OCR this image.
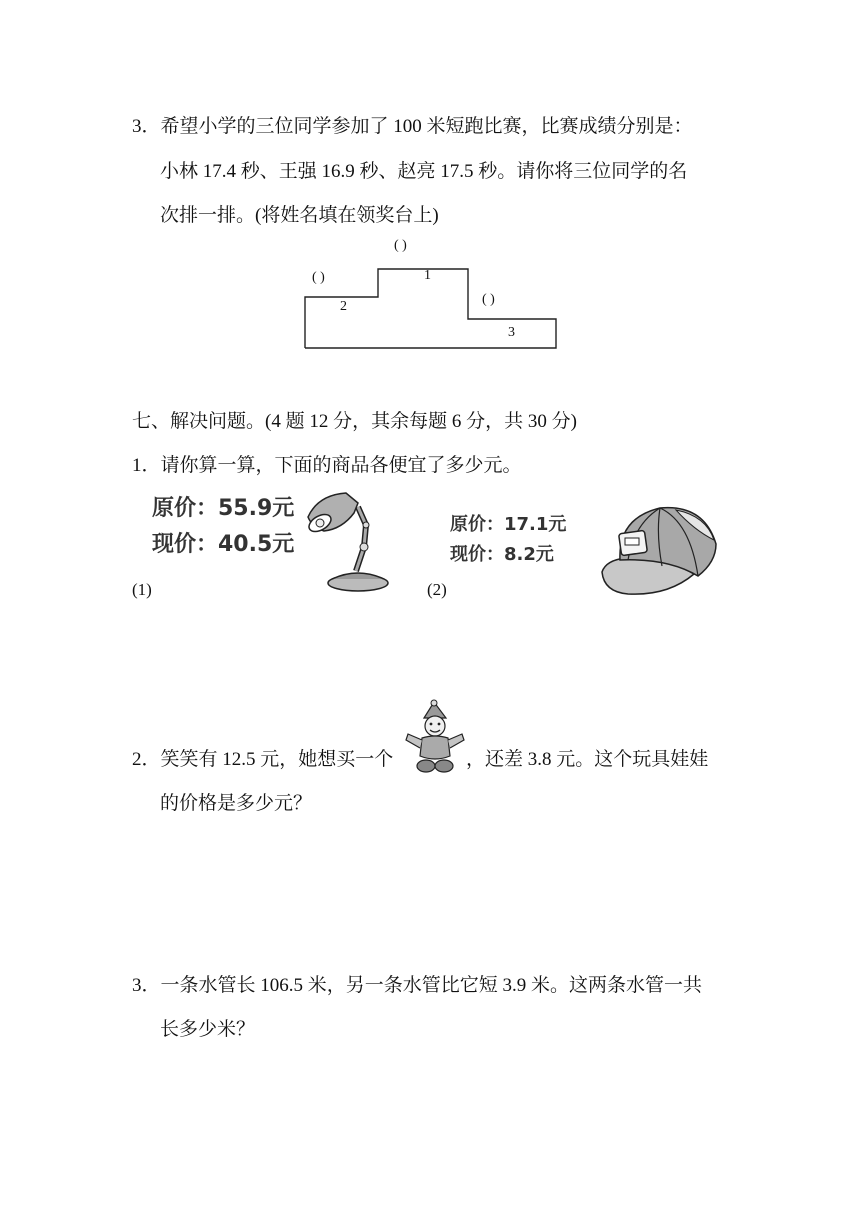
3．希望小学的三位同学参加了 100 米短跑比赛，比赛成绩分别是：
小林 17.4 秒、王强 16.9 秒、赵亮 17.5 秒。请你将三位同学的名
次排一排。(将姓名填在领奖台上)
( )
( )
( )
1
2
3
七、解决问题。(4 题 12 分，其余每题 6 分，共 30 分)
1．请你算一算，下面的商品各便宜了多少元。
原价：55.9元
现价：40.5元
(1)
原价：17.1元
现价：8.2元
(2)
2．笑笑有 12.5 元，她想买一个	，还差 3.8 元。这个玩具娃娃
的价格是多少元？
3．一条水管长 106.5 米，另一条水管比它短 3.9 米。这两条水管一共
长多少米？
